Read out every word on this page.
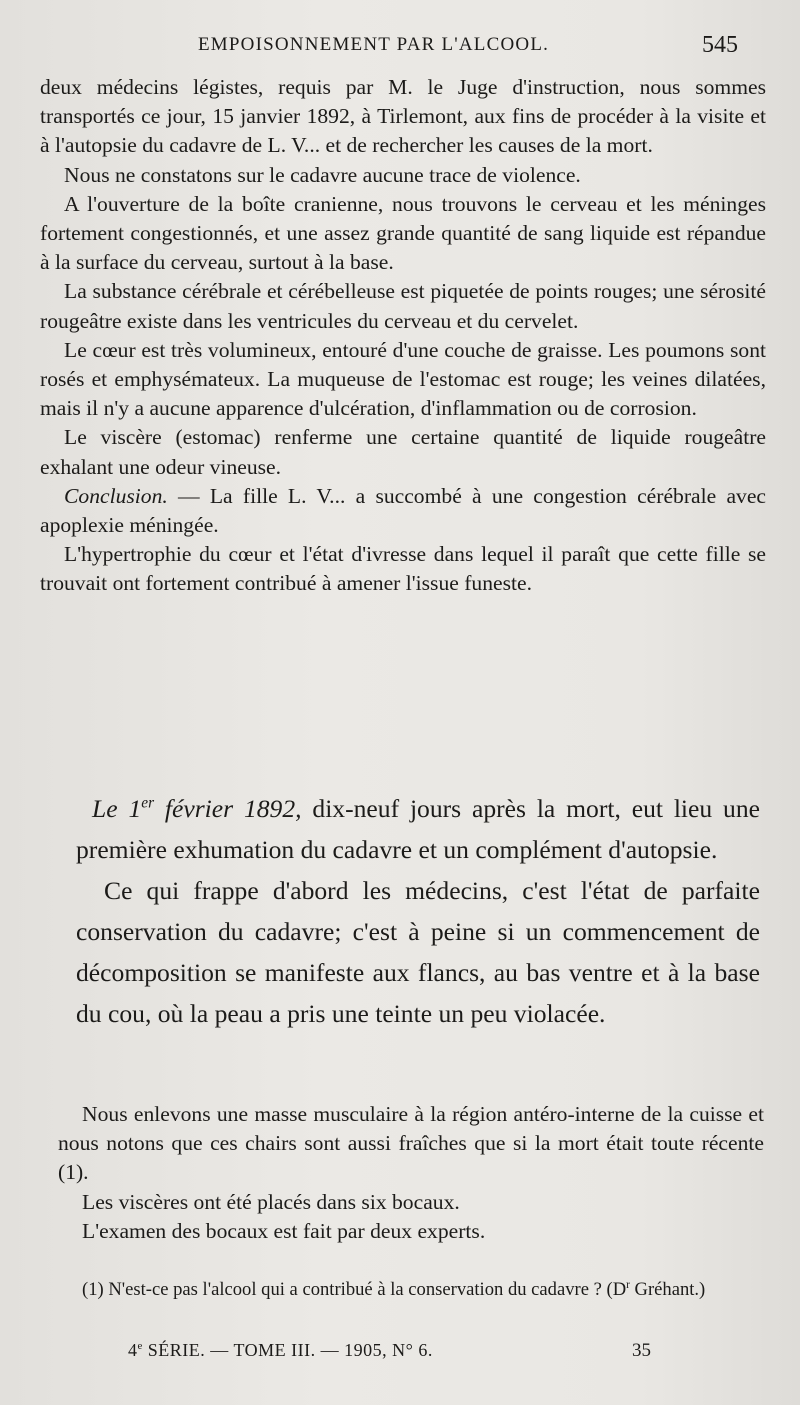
EMPOISONNEMENT PAR L'ALCOOL.	545

deux médecins légistes, requis par M. le Juge d'instruction, nous sommes transportés ce jour, 15 janvier 1892, à Tirlemont, aux fins de procéder à la visite et à l'autopsie du cadavre de L. V... et de rechercher les causes de la mort.

Nous ne constatons sur le cadavre aucune trace de violence.

A l'ouverture de la boîte cranienne, nous trouvons le cerveau et les méninges fortement congestionnés, et une assez grande quantité de sang liquide est répandue à la surface du cerveau, surtout à la base.

La substance cérébrale et cérébelleuse est piquetée de points rouges; une sérosité rougeâtre existe dans les ventricules du cerveau et du cervelet.

Le cœur est très volumineux, entouré d'une couche de graisse. Les poumons sont rosés et emphysémateux. La muqueuse de l'estomac est rouge; les veines dilatées, mais il n'y a aucune apparence d'ulcération, d'inflammation ou de corrosion.

Le viscère (estomac) renferme une certaine quantité de liquide rougeâtre exhalant une odeur vineuse.

Conclusion. — La fille L. V... a succombé à une congestion cérébrale avec apoplexie méningée.

L'hypertrophie du cœur et l'état d'ivresse dans lequel il paraît que cette fille se trouvait ont fortement contribué à amener l'issue funeste.

Le 1er février 1892, dix-neuf jours après la mort, eut lieu une première exhumation du cadavre et un complément d'autopsie.

Ce qui frappe d'abord les médecins, c'est l'état de parfaite conservation du cadavre; c'est à peine si un commencement de décomposition se manifeste aux flancs, au bas ventre et à la base du cou, où la peau a pris une teinte un peu violacée.

Nous enlevons une masse musculaire à la région antéro-interne de la cuisse et nous notons que ces chairs sont aussi fraîches que si la mort était toute récente (1).

Les viscères ont été placés dans six bocaux.

L'examen des bocaux est fait par deux experts.

(1) N'est-ce pas l'alcool qui a contribué à la conservation du cadavre ? ($D^r$ Gréhant.)

4e SÉRIE. — TOME III. — 1905, N° 6.	35
